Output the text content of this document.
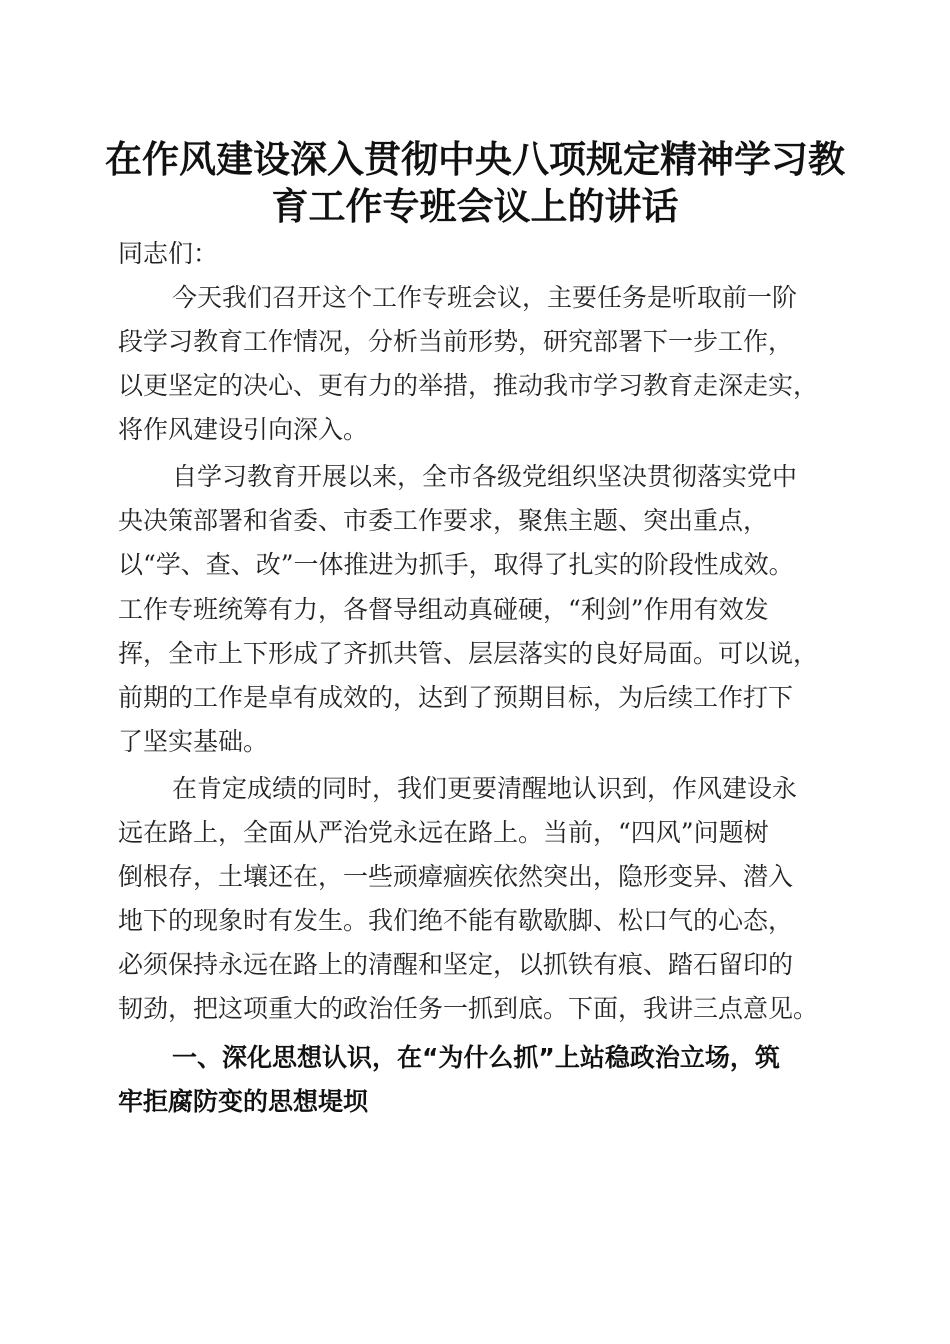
在作风建设深入贯彻中央八项规定精神学习教
育工作专班会议上的讲话
同志们：
今天我们召开这个工作专班会议，主要任务是听取前一阶
段学习教育工作情况，分析当前形势，研究部署下一步工作，
以更坚定的决心、更有力的举措，推动我市学习教育走深走实，
将作风建设引向深入。
自学习教育开展以来，全市各级党组织坚决贯彻落实党中
央决策部署和省委、市委工作要求，聚焦主题、突出重点，
以“学、查、改”一体推进为抓手，取得了扎实的阶段性成效。
工作专班统筹有力，各督导组动真碰硬，“利剑”作用有效发
挥，全市上下形成了齐抓共管、层层落实的良好局面。可以说，
前期的工作是卓有成效的，达到了预期目标，为后续工作打下
了坚实基础。
在肯定成绩的同时，我们更要清醒地认识到，作风建设永
远在路上，全面从严治党永远在路上。当前，“四风”问题树
倒根存，土壤还在，一些顽瘴痼疾依然突出，隐形变异、潜入
地下的现象时有发生。我们绝不能有歇歇脚、松口气的心态，
必须保持永远在路上的清醒和坚定，以抓铁有痕、踏石留印的
韧劲，把这项重大的政治任务一抓到底。下面，我讲三点意见。
一、深化思想认识，在“为什么抓”上站稳政治立场，筑
牢拒腐防变的思想堤坝
